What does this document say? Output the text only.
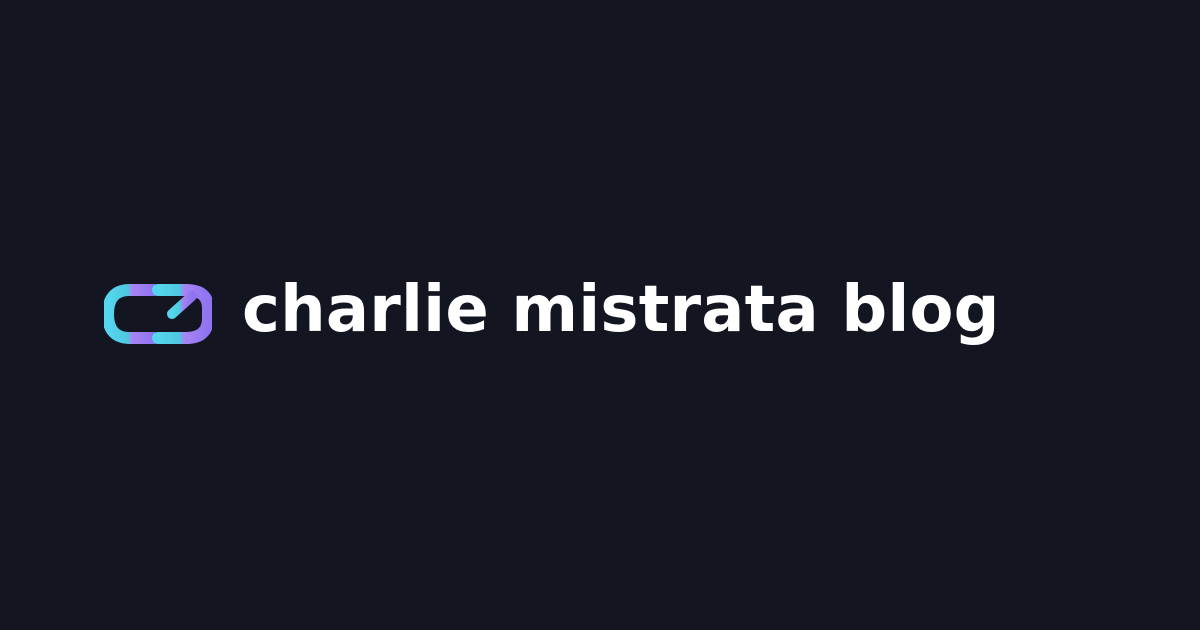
charlie mistrata blog
